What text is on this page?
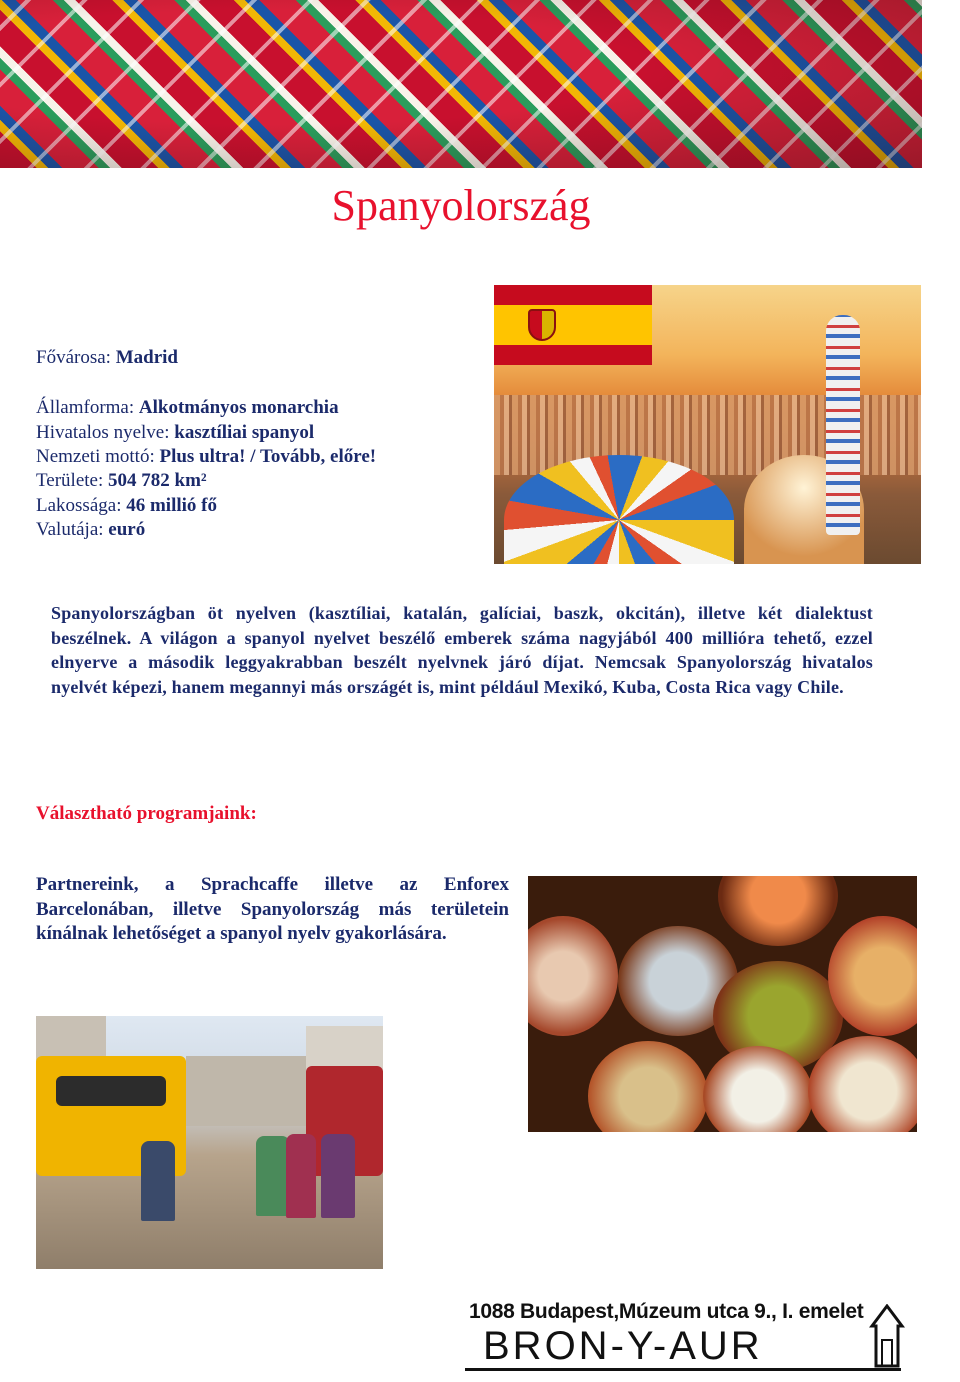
Spanyolország
Fővárosa: Madrid
Államforma: Alkotmányos monarchia
Hivatalos nyelve: kasztíliai spanyol
Nemzeti mottó: Plus ultra! / Tovább, előre!
Területe: 504 782 km²
Lakossága: 46 millió fő
Valutája: euró

Spanyolországban öt nyelven (kasztíliai, katalán, galíciai, baszk, okcitán), illetve két dialektust beszélnek. A világon a spanyol nyelvet beszélő emberek száma nagyjából 400 millióra tehető, ezzel elnyerve a második leggyakrabban beszélt nyelvnek járó díjat. Nemcsak Spanyolország hivatalos nyelvét képezi, hanem megannyi más országét is, mint például Mexikó, Kuba, Costa Rica vagy Chile.

Választható programjaink:

Partnereink, a Sprachcaffe illetve az Enforex Barcelonában, illetve Spanyolország más területein kínálnak lehetőséget a spanyol nyelv gyakorlására.

1088 Budapest,Múzeum utca 9., I. emelet
BRON-Y-AUR
